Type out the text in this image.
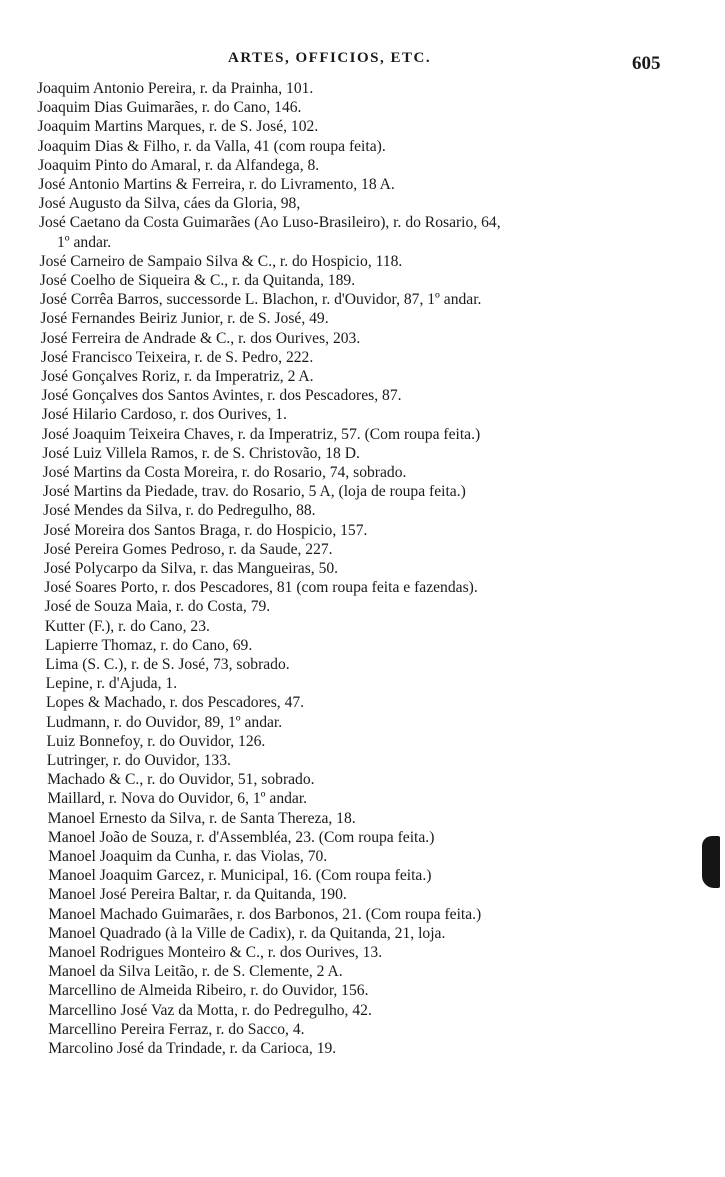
ARTES, OFFICIOS, ETC.	605
Joaquim Antonio Pereira, r. da Prainha, 101.
Joaquim Dias Guimarães, r. do Cano, 146.
Joaquim Martins Marques, r. de S. José, 102.
Joaquim Dias & Filho, r. da Valla, 41 (com roupa feita).
Joaquim Pinto do Amaral, r. da Alfandega, 8.
José Antonio Martins & Ferreira, r. do Livramento, 18 A.
José Augusto da Silva, cáes da Gloria, 98,
José Caetano da Costa Guimarães (Ao Luso-Brasileiro), r. do Rosario, 64,
1º andar.
José Carneiro de Sampaio Silva & C., r. do Hospicio, 118.
José Coelho de Siqueira & C., r. da Quitanda, 189.
José Corrêa Barros, successorde L. Blachon, r. d'Ouvidor, 87, 1º andar.
José Fernandes Beiriz Junior, r. de S. José, 49.
José Ferreira de Andrade & C., r. dos Ourives, 203.
José Francisco Teixeira, r. de S. Pedro, 222.
José Gonçalves Roriz, r. da Imperatriz, 2 A.
José Gonçalves dos Santos Avintes, r. dos Pescadores, 87.
José Hilario Cardoso, r. dos Ourives, 1.
José Joaquim Teixeira Chaves, r. da Imperatriz, 57. (Com roupa feita.)
José Luiz Villela Ramos, r. de S. Christovão, 18 D.
José Martins da Costa Moreira, r. do Rosario, 74, sobrado.
José Martins da Piedade, trav. do Rosario, 5 A, (loja de roupa feita.)
José Mendes da Silva, r. do Pedregulho, 88.
José Moreira dos Santos Braga, r. do Hospicio, 157.
José Pereira Gomes Pedroso, r. da Saude, 227.
José Polycarpo da Silva, r. das Mangueiras, 50.
José Soares Porto, r. dos Pescadores, 81 (com roupa feita e fazendas).
José de Souza Maia, r. do Costa, 79.
Kutter (F.), r. do Cano, 23.
Lapierre Thomaz, r. do Cano, 69.
Lima (S. C.), r. de S. José, 73, sobrado.
Lepine, r. d'Ajuda, 1.
Lopes & Machado, r. dos Pescadores, 47.
Ludmann, r. do Ouvidor, 89, 1º andar.
Luiz Bonnefoy, r. do Ouvidor, 126.
Lutringer, r. do Ouvidor, 133.
Machado & C., r. do Ouvidor, 51, sobrado.
Maillard, r. Nova do Ouvidor, 6, 1º andar.
Manoel Ernesto da Silva, r. de Santa Thereza, 18.
Manoel João de Souza, r. d'Assembléa, 23. (Com roupa feita.)
Manoel Joaquim da Cunha, r. das Violas, 70.
Manoel Joaquim Garcez, r. Municipal, 16. (Com roupa feita.)
Manoel José Pereira Baltar, r. da Quitanda, 190.
Manoel Machado Guimarães, r. dos Barbonos, 21. (Com roupa feita.)
Manoel Quadrado (à la Ville de Cadix), r. da Quitanda, 21, loja.
Manoel Rodrigues Monteiro & C., r. dos Ourives, 13.
Manoel da Silva Leitão, r. de S. Clemente, 2 A.
Marcellino de Almeida Ribeiro, r. do Ouvidor, 156.
Marcellino José Vaz da Motta, r. do Pedregulho, 42.
Marcellino Pereira Ferraz, r. do Sacco, 4.
Marcolino José da Trindade, r. da Carioca, 19.
